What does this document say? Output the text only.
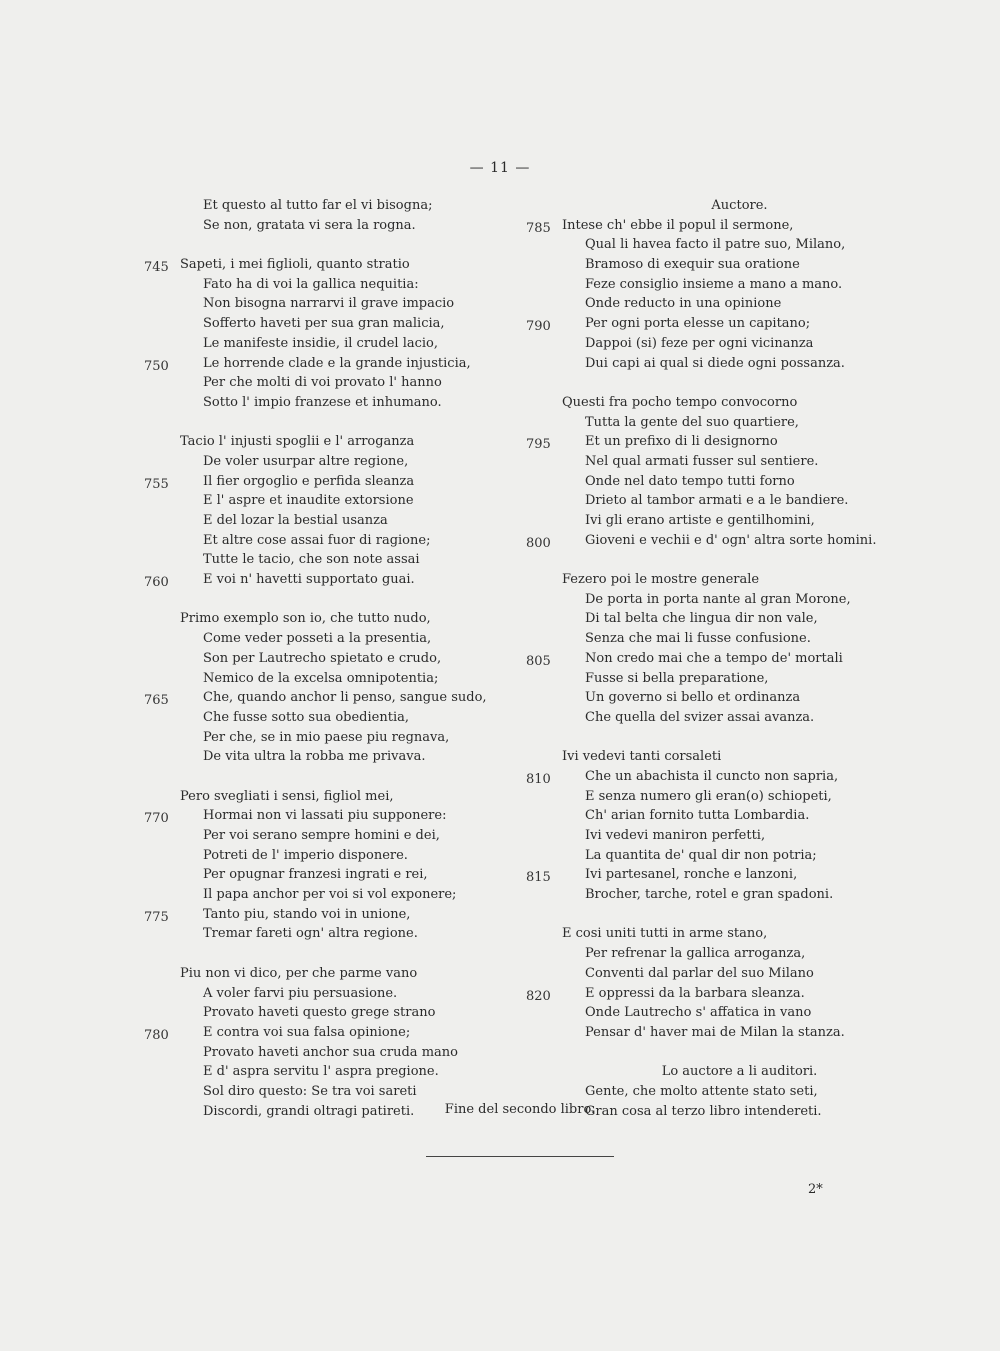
— 11 —
Et questo al tutto far el vi bisogna;
Se non, gratata vi sera la rogna.
Sapeti, i mei figlioli, quanto stratio
745
Fato ha di voi la gallica nequitia:
Non bisogna narrarvi il grave impacio
Sofferto haveti per sua gran malicia,
Le manifeste insidie, il crudel lacio,
Le horrende clade e la grande injusticia,
750
Per che molti di voi provato l' hanno
Sotto l' impio franzese et inhumano.
Tacio l' injusti spoglii e l' arroganza
De voler usurpar altre regione,
Il fier orgoglio e perfida sleanza
755
E l' aspre et inaudite extorsione
E del lozar la bestial usanza
Et altre cose assai fuor di ragione;
Tutte le tacio, che son note assai
E voi n' havetti supportato guai.
760
Primo exemplo son io, che tutto nudo,
Come veder posseti a la presentia,
Son per Lautrecho spietato e crudo,
Nemico de la excelsa omnipotentia;
Che, quando anchor li penso, sangue sudo,
765
Che fusse sotto sua obedientia,
Per che, se in mio paese piu regnava,
De vita ultra la robba me privava.
Pero svegliati i sensi, figliol mei,
Hormai non vi lassati piu supponere:
770
Per voi serano sempre homini e dei,
Potreti de l' imperio disponere.
Per opugnar franzesi ingrati e rei,
Il papa anchor per voi si vol exponere;
Tanto piu, stando voi in unione,
775
Tremar fareti ogn' altra regione.
Piu non vi dico, per che parme vano
A voler farvi piu persuasione.
Provato haveti questo grege strano
E contra voi sua falsa opinione;
780
Provato haveti anchor sua cruda mano
E d' aspra servitu l' aspra pregione.
Sol diro questo: Se tra voi sareti
Discordi, grandi oltragi patireti.
Auctore.
Intese ch' ebbe il popul il sermone,
785
Qual li havea facto il patre suo, Milano,
Bramoso di exequir sua oratione
Feze consiglio insieme a mano a mano.
Onde reducto in una opinione
Per ogni porta elesse un capitano;
790
Dappoi (si) feze per ogni vicinanza
Dui capi ai qual si diede ogni possanza.
Questi fra pocho tempo convocorno
Tutta la gente del suo quartiere,
Et un prefixo di li designorno
795
Nel qual armati fusser sul sentiere.
Onde nel dato tempo tutti forno
Drieto al tambor armati e a le bandiere.
Ivi gli erano artiste e gentilhomini,
Gioveni e vechii e d' ogn' altra sorte homini.
800
Fezero poi le mostre generale
De porta in porta nante al gran Morone,
Di tal belta che lingua dir non vale,
Senza che mai li fusse confusione.
Non credo mai che a tempo de' mortali
805
Fusse si bella preparatione,
Un governo si bello et ordinanza
Che quella del svizer assai avanza.
Ivi vedevi tanti corsaleti
Che un abachista il cuncto non sapria,
810
E senza numero gli eran(o) schiopeti,
Ch' arian fornito tutta Lombardia.
Ivi vedevi maniron perfetti,
La quantita de' qual dir non potria;
Ivi partesanel, ronche e lanzoni,
815
Brocher, tarche, rotel e gran spadoni.
E cosi uniti tutti in arme stano,
Per refrenar la gallica arroganza,
Conventi dal parlar del suo Milano
E oppressi da la barbara sleanza.
820
Onde Lautrecho s' affatica in vano
Pensar d' haver mai de Milan la stanza.
Lo auctore a li auditori.
Gente, che molto attente stato seti,
Gran cosa al terzo libro intendereti.
Fine del secondo libro.
2*
